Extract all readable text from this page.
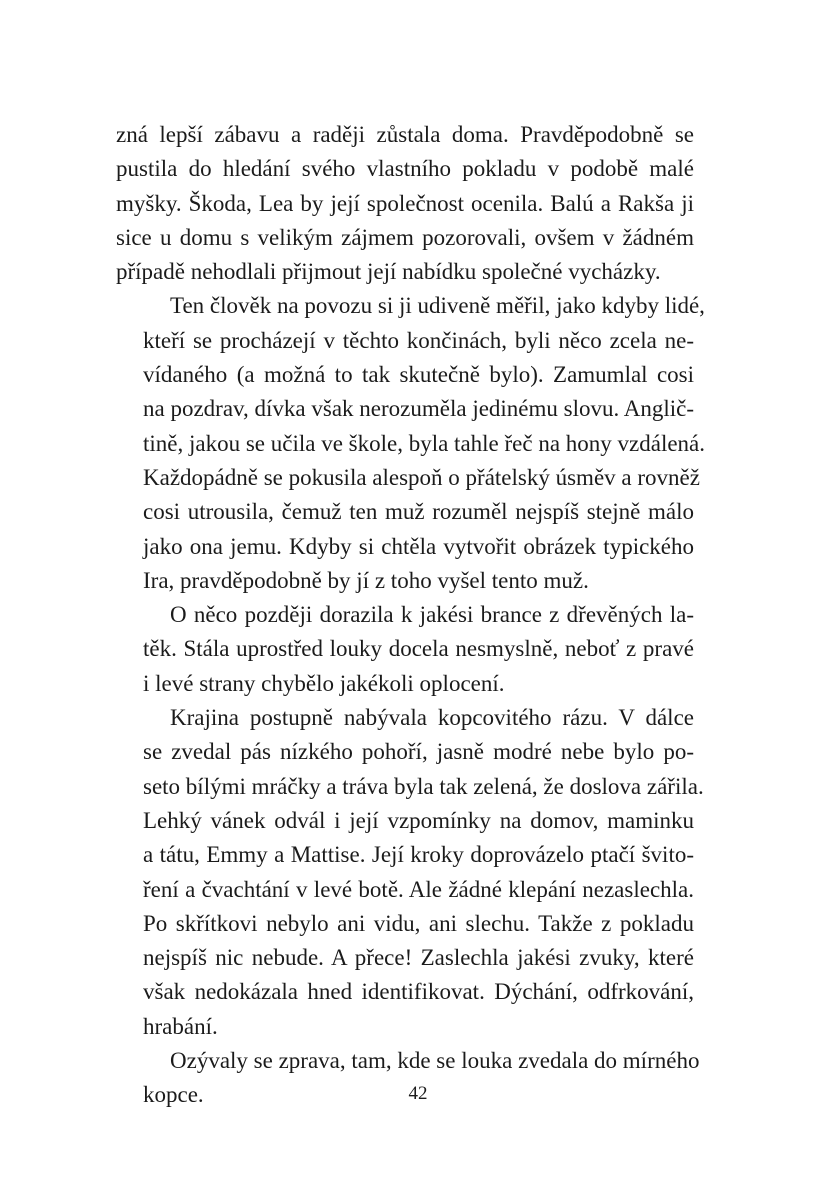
zná lepší zábavu a raději zůstala doma. Pravděpodobně se
pustila do hledání svého vlastního pokladu v podobě malé
myšky. Škoda, Lea by její společnost ocenila. Balú a Rakša ji
sice u domu s velikým zájmem pozorovali, ovšem v žádném
případě nehodlali přijmout její nabídku společné vycházky.
Ten člověk na povozu si ji udiveně měřil, jako kdyby lidé,
kteří se procházejí v těchto končinách, byli něco zcela ne-
vídaného (a možná to tak skutečně bylo). Zamumlal cosi
na pozdrav, dívka však nerozuměla jedinému slovu. Anglič-
tině, jakou se učila ve škole, byla tahle řeč na hony vzdálená.
Každopádně se pokusila alespoň o přátelský úsměv a rovněž
cosi utrousila, čemuž ten muž rozuměl nejspíš stejně málo
jako ona jemu. Kdyby si chtěla vytvořit obrázek typického
Ira, pravděpodobně by jí z toho vyšel tento muž.
O něco později dorazila k jakési brance z dřevěných la-
těk. Stála uprostřed louky docela nesmyslně, neboť z pravé
i levé strany chybělo jakékoli oplocení.
Krajina postupně nabývala kopcovitého rázu. V dálce
se zvedal pás nízkého pohoří, jasně modré nebe bylo po-
seto bílými mráčky a tráva byla tak zelená, že doslova zářila.
Lehký vánek odvál i její vzpomínky na domov, maminku
a tátu, Emmy a Mattise. Její kroky doprovázelo ptačí švito-
ření a čvachtání v levé botě. Ale žádné klepání nezaslechla.
Po skřítkovi nebylo ani vidu, ani slechu. Takže z pokladu
nejspíš nic nebude. A přece! Zaslechla jakési zvuky, které
však nedokázala hned identifikovat. Dýchání, odfrkování,
hrabání.
Ozývaly se zprava, tam, kde se louka zvedala do mírného
kopce.	42
